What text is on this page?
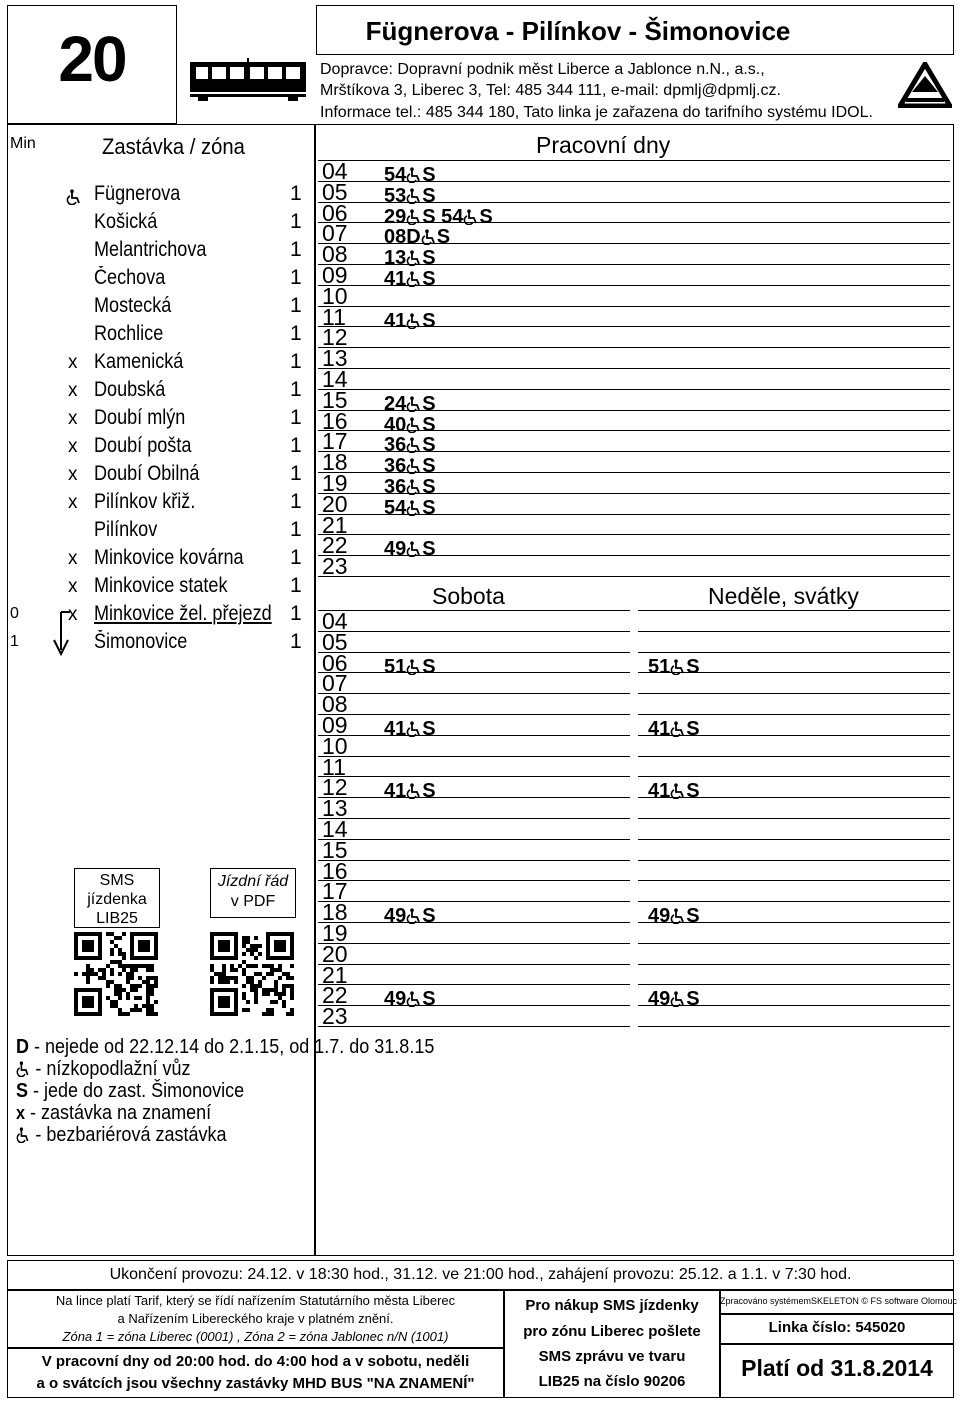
20	Fügnerova - Pilínkov - Šimonovice
Dopravce: Dopravní podnik měst Liberce a Jablonce n.N., a.s.,
Mrštíkova 3, Liberec 3, Tel: 485 344 111, e-mail: dpmlj@dpmlj.cz.
Informace tel.: 485 344 180, Tato linka je zařazena do tarifního systému IDOL.
Min	Zastávka / zóna
Fügnerova	1
Košická	1
Melantrichova	1
Čechova	1
Mostecká	1
Rochlice	1
x Kamenická	1
x Doubská	1
x Doubí mlýn	1
x Doubí pošta	1
x Doubí Obilná	1
x Pilínkov křiž.	1
Pilínkov	1
x Minkovice kovárna 1
x Minkovice statek	1
0	x Minkovice žel. přejezd 1
1	Šimonovice	1
SMS
jízdenka
LIB25
Jízdní řád
v PDF
D - nejede od 22.12.14 do 2.1.15, od 1.7. do 31.8.15
- nízkopodlažní vůz
S - jede do zast. Šimonovice
x - zastávka na znamení
- bezbariérová zastávka
Pracovní dny
Sobota	Neděle, svátky
04	54 S
05	53 S
06	29 S 54 S
07	08D S
08	13 S
09	41 S
10
11	41 S
12
13
14
15	24 S
16	40 S
17	36 S
18	36 S
19	36 S
20	54 S
21
22	49 S
23
04
05
06	51 S	51 S
07
08
09	41 S	41 S
10
11
12	41 S	41 S
13
14
15
16
17
18	49 S	49 S
19
20
21
22	49 S	49 S
23
Ukončení provozu: 24.12. v 18:30 hod., 31.12. ve 21:00 hod., zahájení provozu: 25.12. a 1.1. v 7:30 hod.
Na lince platí Tarif, který se řídí nařízením Statutárního města Liberec
a Nařízením Libereckého kraje v platném znění.
Zóna 1 = zóna Liberec (0001) , Zóna 2 = zóna Jablonec n/N (1001)
V pracovní dny od 20:00 hod. do 4:00 hod a v sobotu, neděli
a o svátcích jsou všechny zastávky MHD BUS "NA ZNAMENÍ"
Pro nákup SMS jízdenky
pro zónu Liberec pošlete
SMS zprávu ve tvaru
LIB25 na číslo 90206
Zpracováno systémemSKELETON © FS software Olomouc
Linka číslo: 545020
Platí od 31.8.2014
